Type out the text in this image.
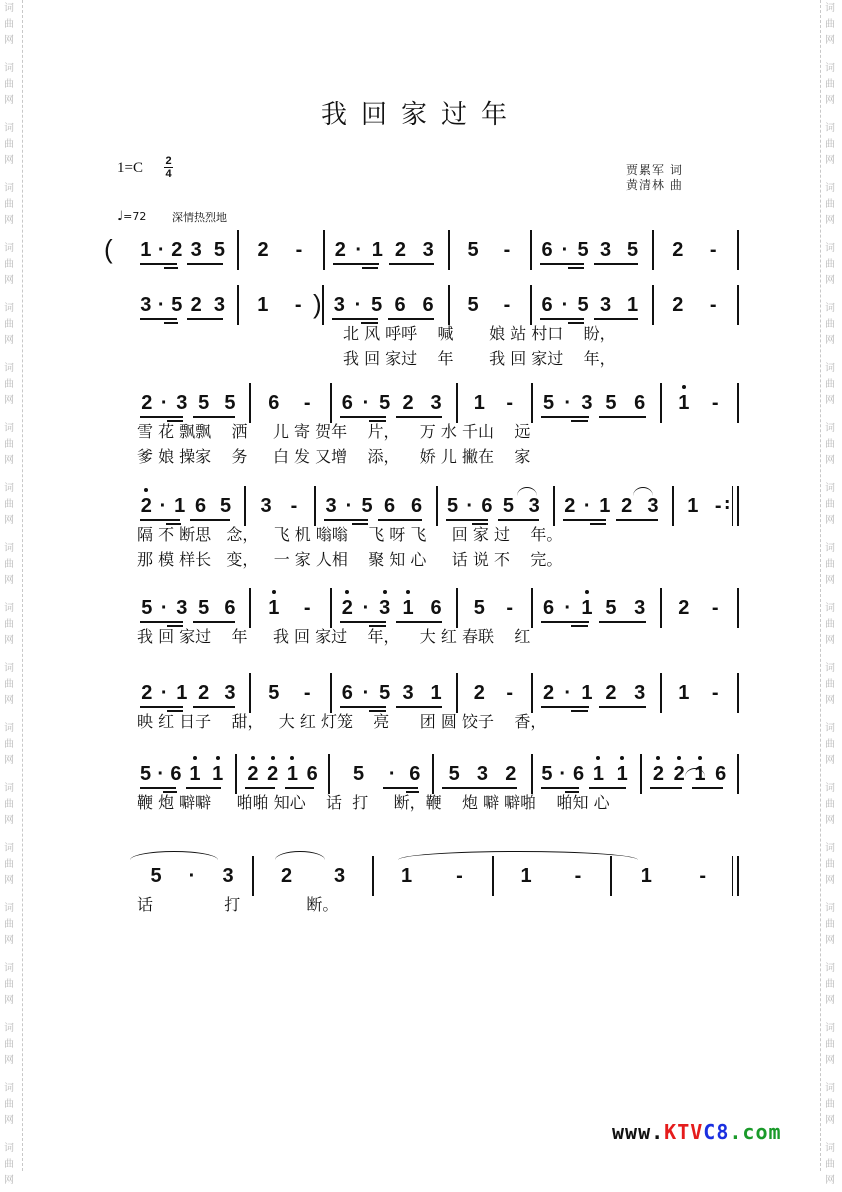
词
曲
网
词
曲
网
词
曲
网
词
曲
网
词
曲
网
词
曲
网
词
曲
网
词
曲
网
词
曲
网
词
曲
网
词
曲
网
词
曲
网
词
曲
网
词
曲
网
词
曲
网
词
曲
网
词
曲
网
词
曲
网
词
曲
网
词
曲
网
词
曲
网
词
曲
网
词
曲
网
词
曲
网
词
曲
网
词
曲
网
词
曲
网
词
曲
网
词
曲
网
词
曲
网
词
曲
网
词
曲
网
词
曲
网
词
曲
网
词
曲
网
词
曲
网
词
曲
网
词
曲
网
词
曲
网
词
曲
网
我回家过年
1=C 2
4
♩=72 深情热烈地
贾累军 词
黄清林 曲
( 1 · 2 3 5	2	-	2 · 1 2 3	5	-	6 · 5 3 5	2	-
)
3 · 5 2 3	1	-	3 · 5 6 6	5	-	6 · 5 3 1	2	-
北 风 呼呼    喊       娘 站 村口    盼，
我 回 家过    年       我 回 家过    年，
2 · 3 5 5	6	-	6 · 5 2 3	1	-	5 · 3 5 6	1	-
雪 花 飘飘    洒     儿 寄 贺年    片，    万 水 千山    远
爹 娘 操家    务     白 发 又增    添，    娇 儿 撇在    家
:
2 · 1 6 5	3 -	3 · 5 6 6	5 · 6 5 3	2 · 1 2 3	1 -
隔 不 断思   念，   飞 机 嗡嗡    飞 呀 飞     回 家 过    年。
那 模 样长   变，   一 家 人相    聚 知 心     话 说 不    完。
5 · 3 5 6	1	-	2 · 3 1 6	5	-	6 · 1 5 3	2	-
我 回 家过    年     我 回 家过    年，    大 红 春联    红
2 · 1 2 3	5	-	6 · 5 3 1	2	-	2 · 1 2 3	1	-
映 红 日子    甜，   大 红 灯笼    亮      团 圆 饺子    香，
5 · 6 1 1 2 2 1 6	5	· 6	5 3 2	5 · 6 1 1	2 2 1 6
鞭 炮 噼噼     啪啪 知心    话  打     断，鞭    炮 噼 噼啪    啪知 心
5	·	3	2	3	1	-	1	-	1	-
话              打             断。
www.KTVC8.com
